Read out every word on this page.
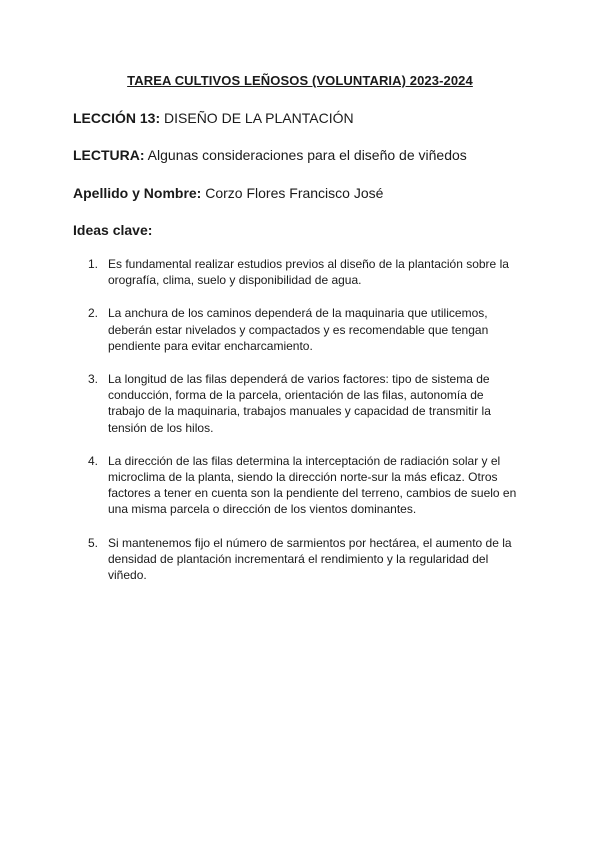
TAREA CULTIVOS LEÑOSOS (VOLUNTARIA) 2023-2024
LECCIÓN 13: DISEÑO DE LA PLANTACIÓN
LECTURA: Algunas consideraciones para el diseño de viñedos
Apellido y Nombre: Corzo Flores Francisco José
Ideas clave:
1. Es fundamental realizar estudios previos al diseño de la plantación sobre la orografía, clima, suelo y disponibilidad de agua.
2. La anchura de los caminos dependerá de la maquinaria que utilicemos, deberán estar nivelados y compactados y es recomendable que tengan pendiente para evitar encharcamiento.
3. La longitud de las filas dependerá de varios factores: tipo de sistema de conducción, forma de la parcela, orientación de las filas, autonomía de trabajo de la maquinaria, trabajos manuales y capacidad de transmitir la tensión de los hilos.
4. La dirección de las filas determina la interceptación de radiación solar y el microclima de la planta, siendo la dirección norte-sur la más eficaz. Otros factores a tener en cuenta son la pendiente del terreno, cambios de suelo en una misma parcela o dirección de los vientos dominantes.
5. Si mantenemos fijo el número de sarmientos por hectárea, el aumento de la densidad de plantación incrementará el rendimiento y la regularidad del viñedo.
